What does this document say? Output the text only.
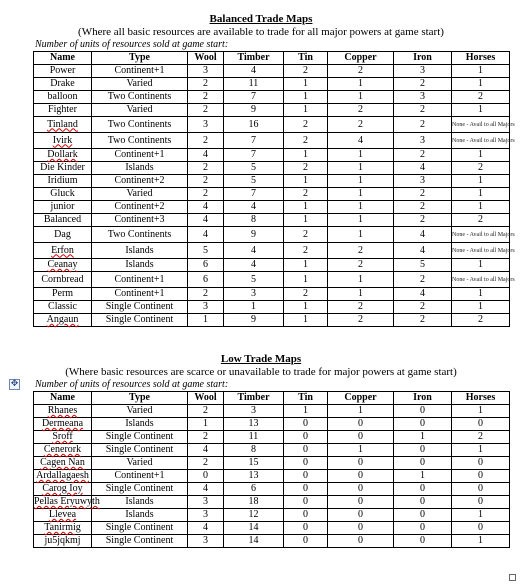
Balanced Trade Maps
(Where all basic resources are available to trade for all major powers at game start)
Number of units of resources sold at game start:
Name	Type	Wool	Timber	Tin	Copper	Iron	Horses
Power	Continent+1	3	4	2	2	3	1
Drake	Varied	2	11	1	1	2	1
balloon	Two Continents	2	7	1	1	3	2
Fighter	Varied	2	9	1	2	2	1
Tinland	Two Continents	3	16	2	2	2	None - Avail to all Majors
Ivirk	Two Continents	2	7	2	4	3	None - Avail to all Majors
Dollark	Continent+1	4	7	1	1	2	1
Die Kinder	Islands	2	5	2	1	4	2
Iridium	Continent+2	2	5	1	1	3	1
Gluck	Varied	2	7	2	1	2	1
junior	Continent+2	4	4	1	1	2	1
Balanced	Continent+3	4	8	1	1	2	2
Dag	Two Continents	4	9	2	1	4	None - Avail to all Majors
Erfon	Islands	5	4	2	2	4	None - Avail to all Majors
Ceanay	Islands	6	4	1	2	5	1
Cornbread	Continent+1	6	5	1	1	2	None - Avail to all Majors
Perm	Continent+1	2	3	2	1	4	1
Classic	Single Continent	3	1	1	2	2	1
Angaun	Single Continent	1	9	1	2	2	2
✥
Low Trade Maps
(Where basic resources are scarce or unavailable to trade for major powers at game start)
Number of units of resources sold at game start:
Name	Type	Wool	Timber	Tin	Copper	Iron	Horses
Rhanes	Varied	2	3	1	1	0	1
Dermeana	Islands	1	13	0	0	0	0
Sroff	Single Continent	2	11	0	0	1	2
Cenerork	Single Continent	4	8	0	1	0	1
Cagen Nan	Varied	2	15	0	0	0	0
Ardallagaesh	Continent+1	0	13	0	0	1	0
Carog Ioy	Single Continent	4	6	0	0	0	0
Pellas Eryuwyth	Islands	3	18	0	0	0	0
Llevea	Islands	3	12	0	0	0	1
Tanirmig	Single Continent	4	14	0	0	0	0
ju5jqkmj	Single Continent	3	14	0	0	0	1
